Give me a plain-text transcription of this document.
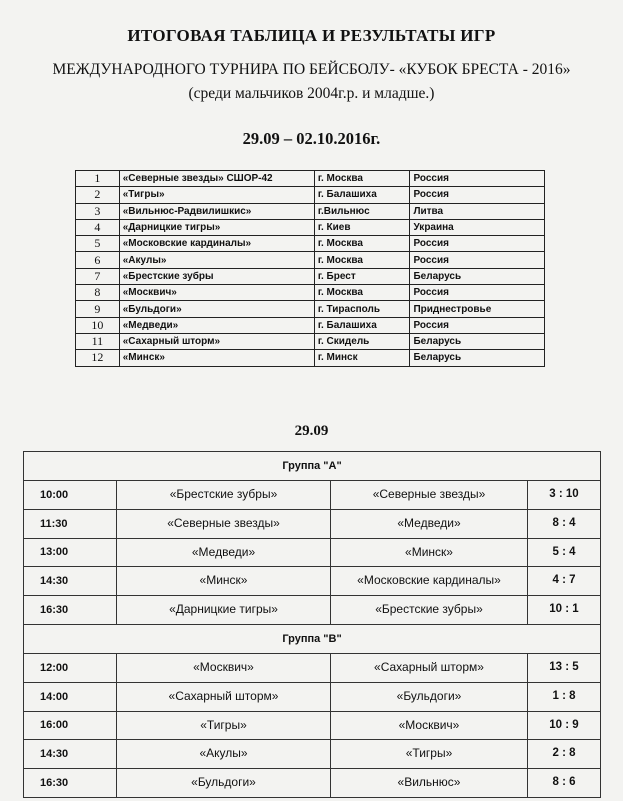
ИТОГОВАЯ ТАБЛИЦА И РЕЗУЛЬТАТЫ ИГР
МЕЖДУНАРОДНОГО ТУРНИРА ПО БЕЙСБОЛУ- «КУБОК БРЕСТА - 2016»
(среди мальчиков 2004г.р. и младше.)
29.09 – 02.10.2016г.
1	«Северные звезды» СШОР-42	г. Москва	Россия
2	«Тигры»	г. Балашиха	Россия
3	«Вильнюс-Радвилишкис»	г.Вильнюс	Литва
4	«Дарницкие тигры»	г. Киев	Украина
5	«Московские кардиналы»	г. Москва	Россия
6	«Акулы»	г. Москва	Россия
7	«Брестские зубры	г. Брест	Беларусь
8	«Москвич»	г. Москва	Россия
9	«Бульдоги»	г. Тирасполь	Приднестровье
10	«Медведи»	г. Балашиха	Россия
11	«Сахарный шторм»	г. Скидель	Беларусь
12	«Минск»	г. Минск	Беларусь
29.09
Группа "А"
10:00	«Брестские зубры»	«Северные звезды»	3 : 10
11:30	«Северные звезды»	«Медведи»	8 : 4
13:00	«Медведи»	«Минск»	5 : 4
14:30	«Минск»	«Московские кардиналы»	4 : 7
16:30	«Дарницкие тигры»	«Брестские зубры»	10 : 1
Группа "В"
12:00	«Москвич»	«Сахарный шторм»	13 : 5
14:00	«Сахарный шторм»	«Бульдоги»	1 : 8
16:00	«Тигры»	«Москвич»	10 : 9
14:30	«Акулы»	«Тигры»	2 : 8
16:30	«Бульдоги»	«Вильнюс»	8 : 6
